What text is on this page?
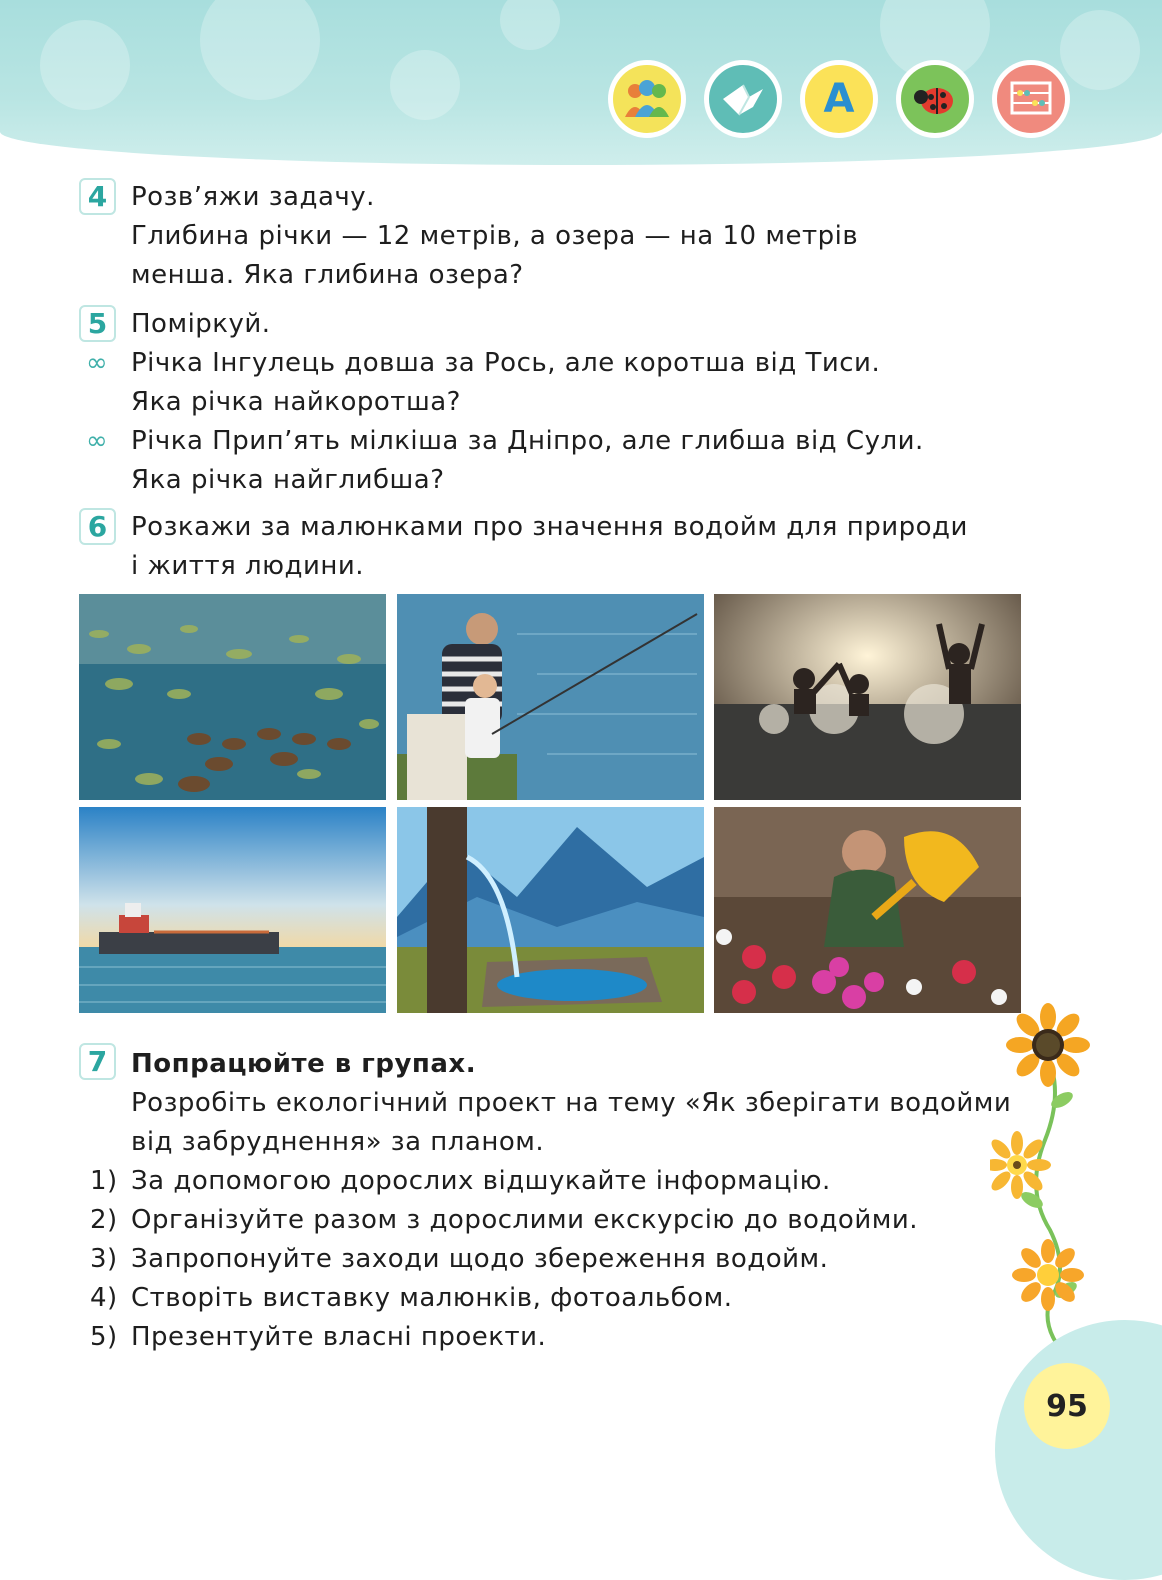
A
4 Розв’яжи задачу.
Глибина річки — 12 метрів, а озера — на 10 метрів
менша. Яка глибина озера?
5 Поміркуй.
∞ Річка Інгулець довша за Рось, але коротша від Тиси.
Яка річка найкоротша?
∞ Річка Прип’ять мілкіша за Дніпро, але глибша від Сули.
Яка річка найглибша?
6 Розкажи за малюнками про значення водойм для природи
і життя людини.
7 Попрацюйте в групах.
Розробіть екологічний проект на тему «Як зберігати водойми
від забруднення» за планом.
1) За допомогою дорослих відшукайте інформацію.
2) Організуйте разом з дорослими екскурсію до водойми.
3) Запропонуйте заходи щодо збереження водойм.
4) Створіть виставку малюнків, фотоальбом.
5) Презентуйте власні проекти.
95
